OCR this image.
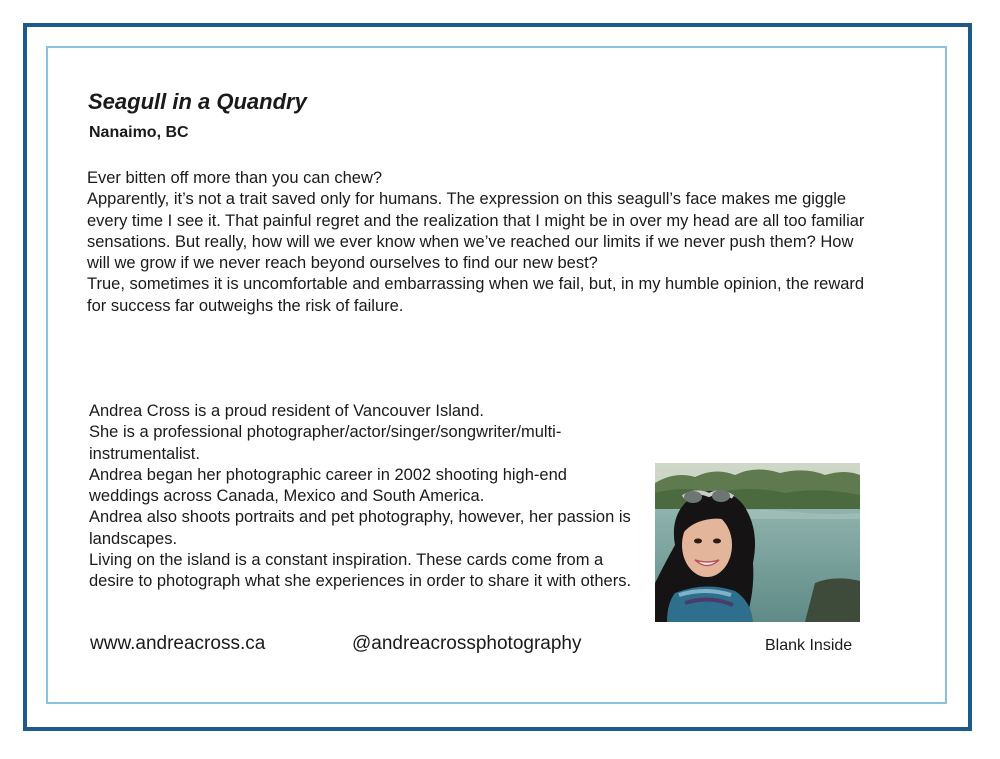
Seagull in a Quandry
Nanaimo, BC

Ever bitten off more than you can chew?

Apparently, it’s not a trait saved only for humans. The expression on this seagull’s face makes me giggle every time I see it. That painful regret and the realization that I might be in over my head are all too familiar sensations. But really, how will we ever know when we’ve reached our limits if we never push them? How will we grow if we never reach beyond ourselves to find our new best?

True, sometimes it is uncomfortable and embarrassing when we fail, but, in my humble opinion, the reward for success far outweighs the risk of failure.

Andrea Cross is a proud resident of Vancouver Island.

She is a professional photographer/actor/singer/songwriter/multi-instrumentalist.

Andrea began her photographic career in 2002 shooting high-end weddings across Canada, Mexico and South America.

Andrea also shoots portraits and pet photography, however, her passion is landscapes.

Living on the island is a constant inspiration. These cards come from a desire to photograph what she experiences in order to share it with others.

www.andreacross.ca	@andreacrossphotography	Blank Inside
